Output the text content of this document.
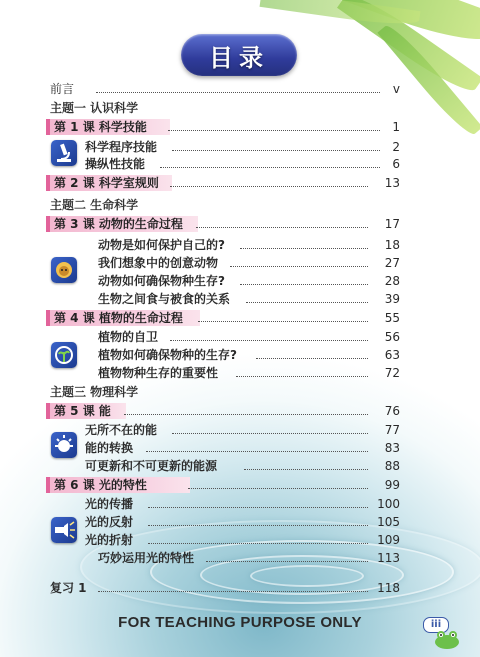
目录
前言	v
主题一 认识科学
第 1 课 科学技能	1
科学程序技能	2
操纵性技能	6
第 2 课 科学室规则	13
主题二 生命科学
第 3 课 动物的生命过程	17
动物是如何保护自己的?	18
我们想象中的创意动物	27
动物如何确保物种生存?	28
生物之间食与被食的关系	39
第 4 课 植物的生命过程	55
植物的自卫	56
植物如何确保物种的生存?	63
植物物种生存的重要性	72
主题三 物理科学
第 5 课 能	76
无所不在的能	77
能的转换	83
可更新和不可更新的能源	88
第 6 课 光的特性	99
光的传播	100
光的反射	105
光的折射	109
巧妙运用光的特性	113
复习 1	118
FOR TEACHING PURPOSE ONLY	iii
